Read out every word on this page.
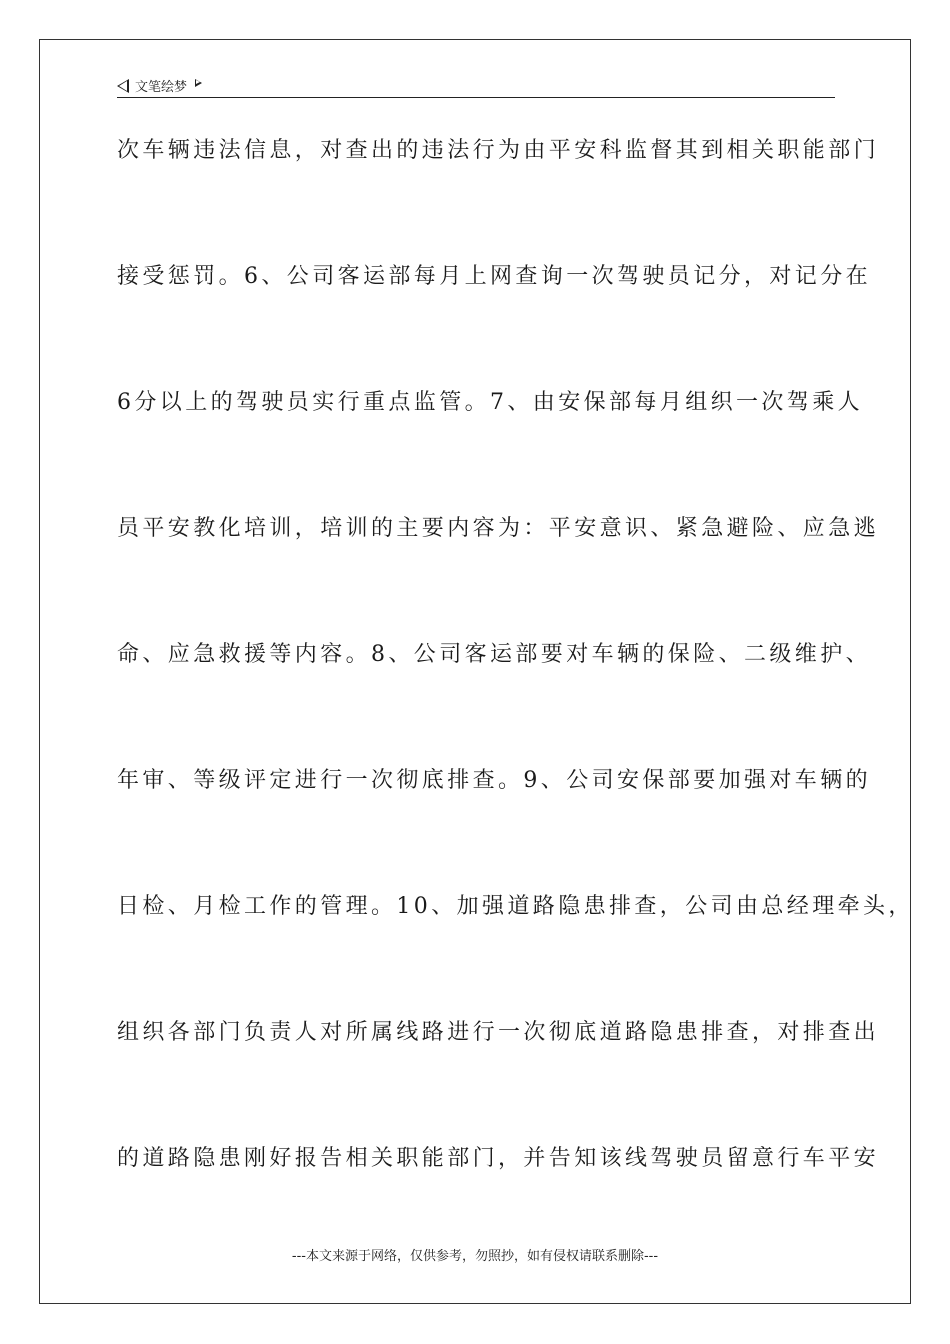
文笔绘梦
次车辆违法信息，对查出的违法行为由平安科监督其到相关职能部门
接受惩罚。6、公司客运部每月上网查询一次驾驶员记分，对记分在
6分以上的驾驶员实行重点监管。7、由安保部每月组织一次驾乘人
员平安教化培训，培训的主要内容为：平安意识、紧急避险、应急逃
命、应急救援等内容。8、公司客运部要对车辆的保险、二级维护、
年审、等级评定进行一次彻底排查。9、公司安保部要加强对车辆的
日检、月检工作的管理。10、加强道路隐患排查，公司由总经理牵头，
组织各部门负责人对所属线路进行一次彻底道路隐患排查，对排查出
的道路隐患刚好报告相关职能部门，并告知该线驾驶员留意行车平安
---本文来源于网络，仅供参考，勿照抄，如有侵权请联系删除---
